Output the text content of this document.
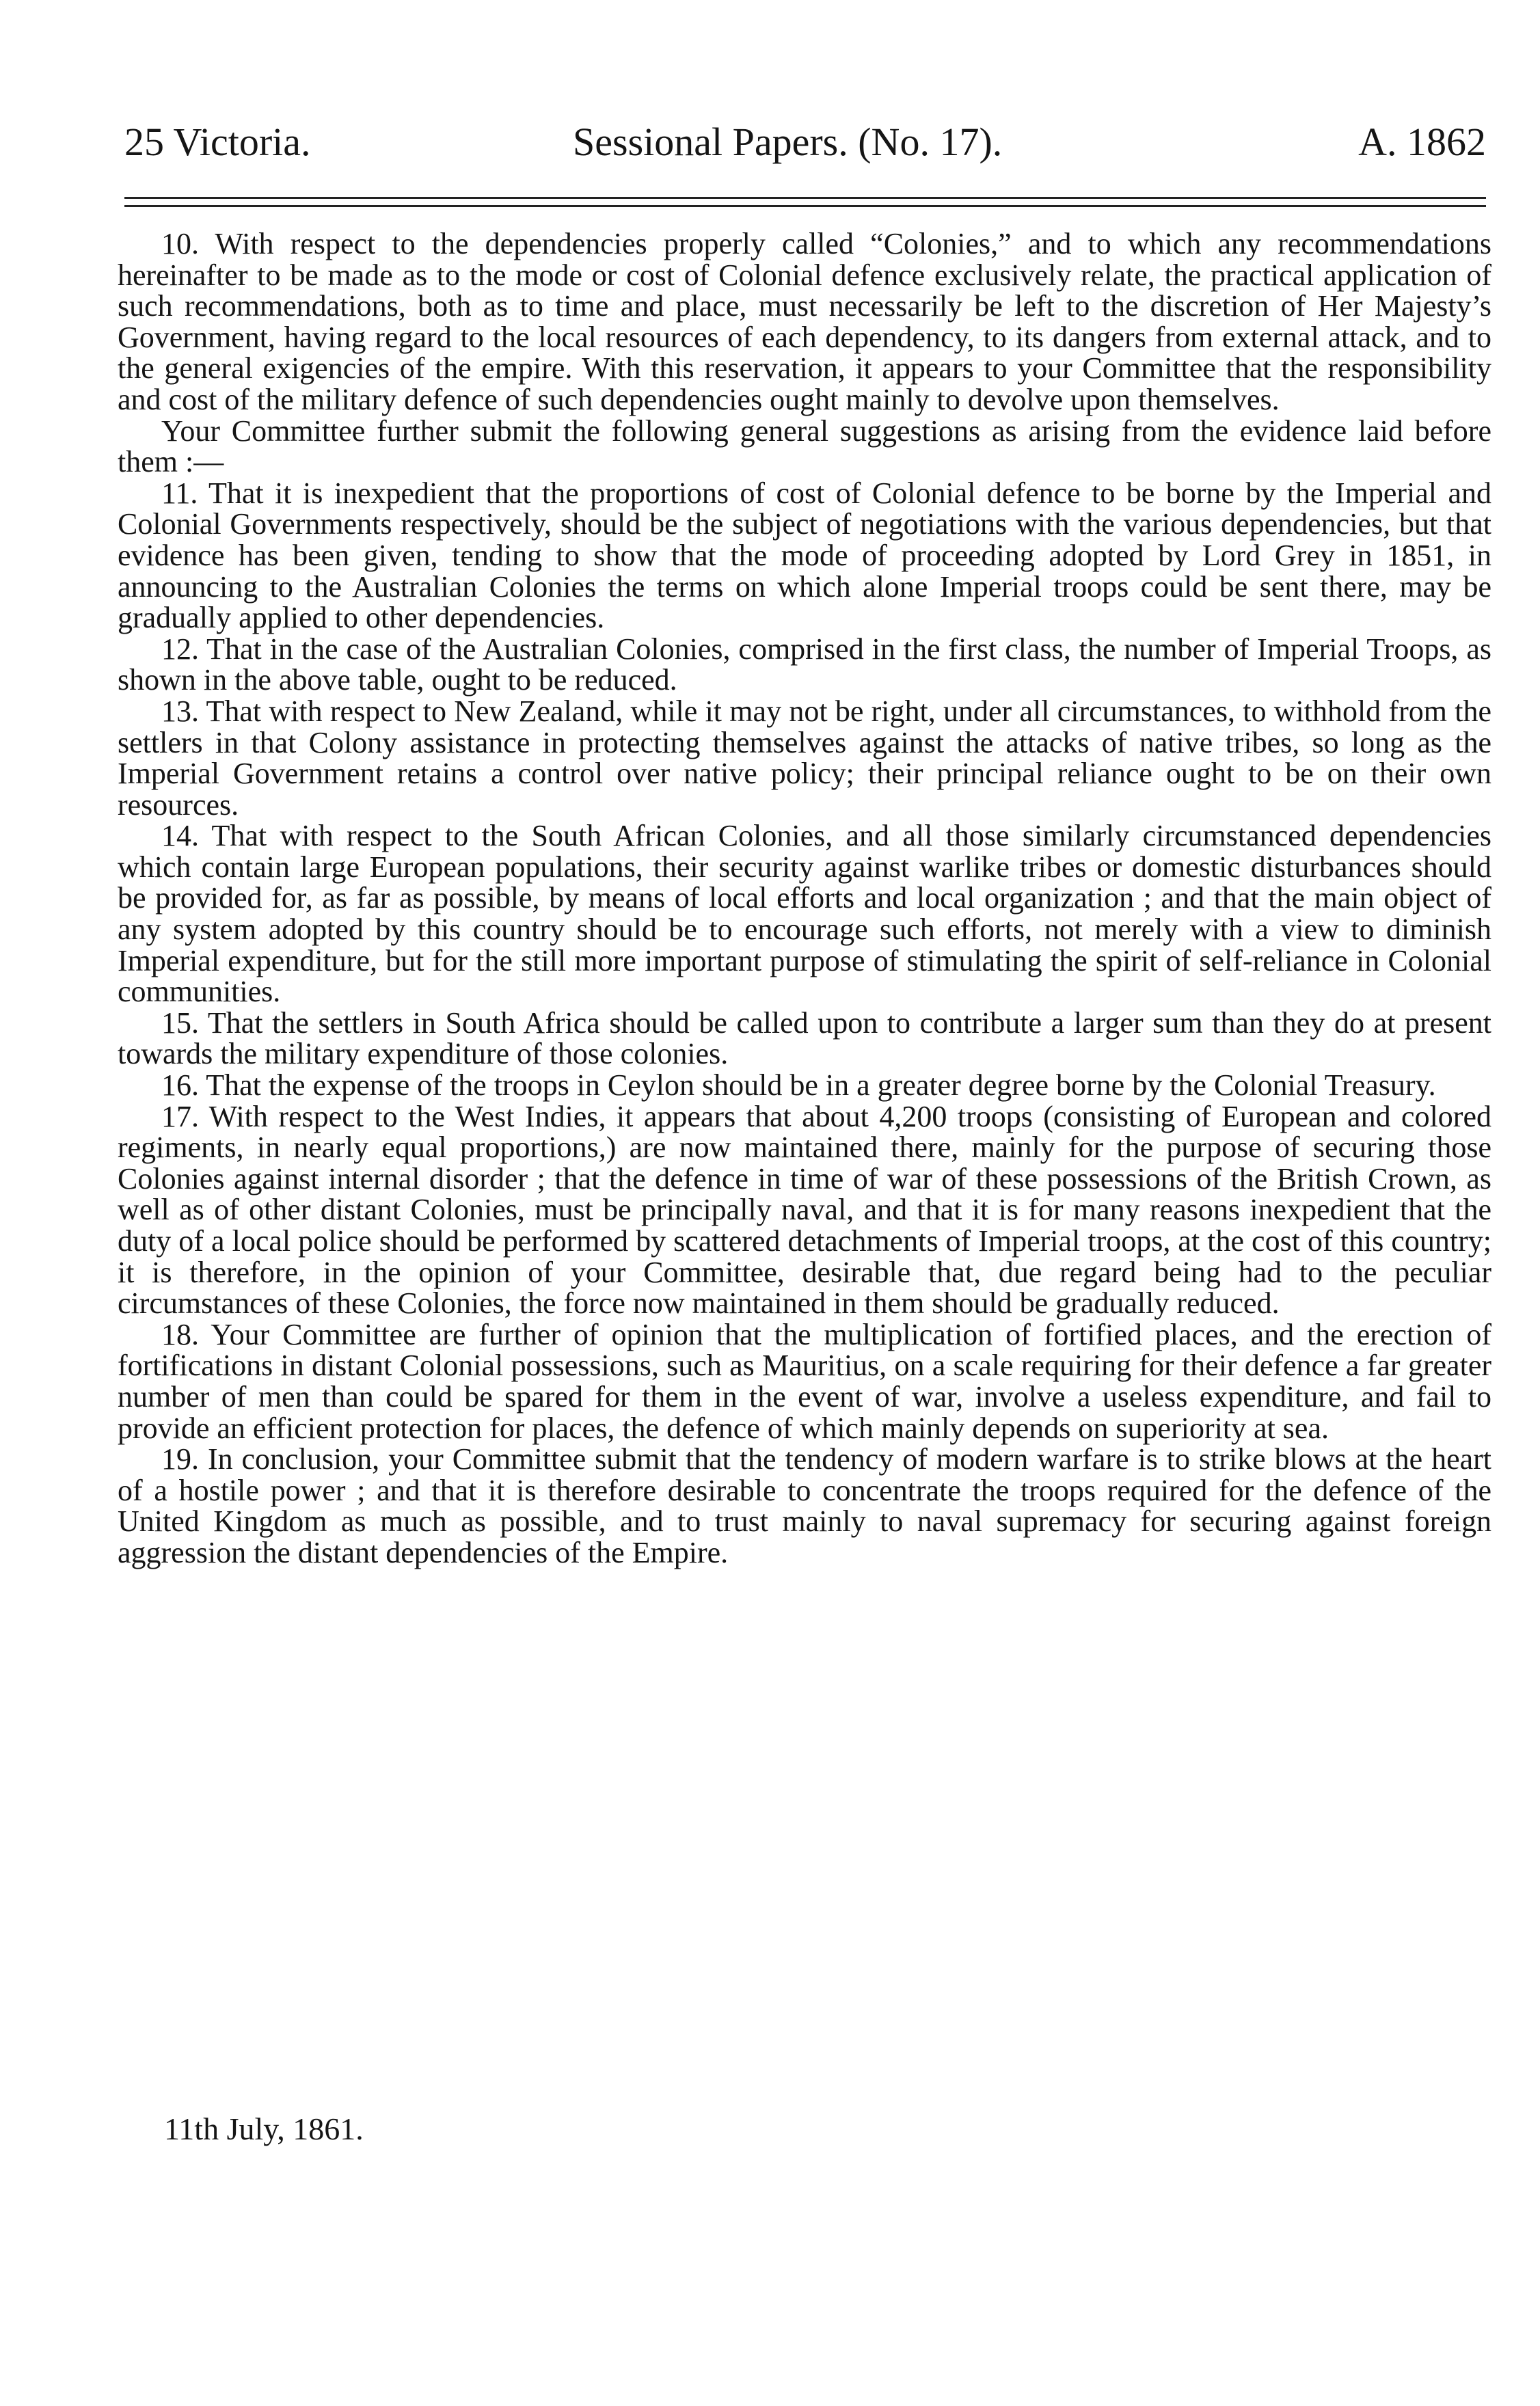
25 Victoria.	Sessional Papers. (No. 17).	A. 1862

10. With respect to the dependencies properly called “Colonies,” and to which any recommendations hereinafter to be made as to the mode or cost of Colonial defence exclusively relate, the practical application of such recommendations, both as to time and place, must necessarily be left to the discretion of Her Majesty’s Government, having regard to the local resources of each dependency, to its dangers from external attack, and to the general exigencies of the empire. With this reservation, it appears to your Committee that the responsibility and cost of the military defence of such dependencies ought mainly to devolve upon themselves.

Your Committee further submit the following general suggestions as arising from the evidence laid before them :—

11. That it is inexpedient that the proportions of cost of Colonial defence to be borne by the Imperial and Colonial Governments respectively, should be the subject of negotiations with the various dependencies, but that evidence has been given, tending to show that the mode of proceeding adopted by Lord Grey in 1851, in announcing to the Australian Colonies the terms on which alone Imperial troops could be sent there, may be gradually applied to other dependencies.

12. That in the case of the Australian Colonies, comprised in the first class, the number of Imperial Troops, as shown in the above table, ought to be reduced.

13. That with respect to New Zealand, while it may not be right, under all circumstances, to withhold from the settlers in that Colony assistance in protecting themselves against the attacks of native tribes, so long as the Imperial Government retains a control over native policy; their principal reliance ought to be on their own resources.

14. That with respect to the South African Colonies, and all those similarly circumstanced dependencies which contain large European populations, their security against warlike tribes or domestic disturbances should be provided for, as far as possible, by means of local efforts and local organization ; and that the main object of any system adopted by this country should be to encourage such efforts, not merely with a view to diminish Imperial expenditure, but for the still more important purpose of stimulating the spirit of self-reliance in Colonial communities.

15. That the settlers in South Africa should be called upon to contribute a larger sum than they do at present towards the military expenditure of those colonies.

16. That the expense of the troops in Ceylon should be in a greater degree borne by the Colonial Treasury.

17. With respect to the West Indies, it appears that about 4,200 troops (consisting of European and colored regiments, in nearly equal proportions,) are now maintained there, mainly for the purpose of securing those Colonies against internal disorder ; that the defence in time of war of these possessions of the British Crown, as well as of other distant Colonies, must be principally naval, and that it is for many reasons inexpedient that the duty of a local police should be performed by scattered detachments of Imperial troops, at the cost of this country; it is therefore, in the opinion of your Committee, desirable that, due regard being had to the peculiar circumstances of these Colonies, the force now maintained in them should be gradually reduced.

18. Your Committee are further of opinion that the multiplication of fortified places, and the erection of fortifications in distant Colonial possessions, such as Mauritius, on a scale requiring for their defence a far greater number of men than could be spared for them in the event of war, involve a useless expenditure, and fail to provide an efficient protection for places, the defence of which mainly depends on superiority at sea.

19. In conclusion, your Committee submit that the tendency of modern warfare is to strike blows at the heart of a hostile power ; and that it is therefore desirable to concentrate the troops required for the defence of the United Kingdom as much as possible, and to trust mainly to naval supremacy for securing against foreign aggression the distant dependencies of the Empire.

11th July, 1861.
